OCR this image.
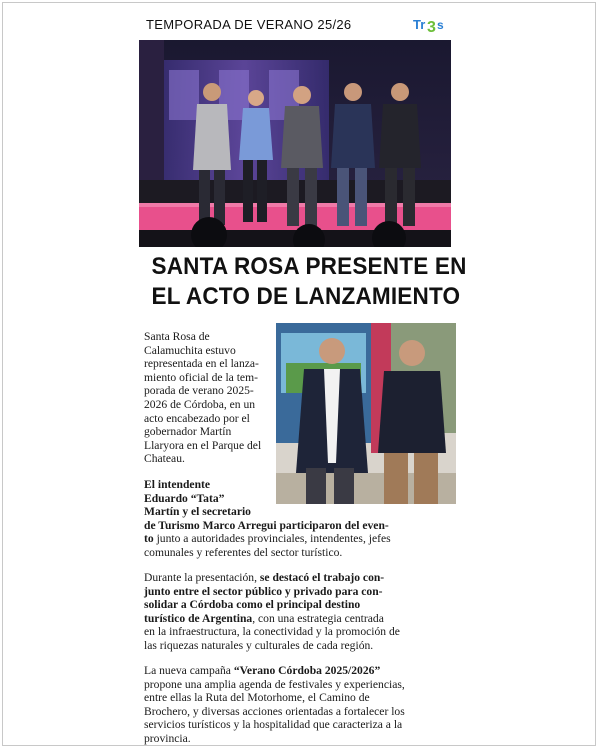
TEMPORADA DE VERANO 25/26	Tr 3 s
SANTA ROSA PRESENTE EN
EL ACTO DE LANZAMIENTO
Santa Rosa de
Calamuchita estuvo
representada en el lanza-
miento oficial de la tem-
porada de verano 2025-
2026 de Córdoba, en un
acto encabezado por el
gobernador Martín
Llaryora en el Parque del
Chateau.
El intendente
Eduardo “Tata”
Martín y el secretario
de Turismo Marco Arregui participaron del even-
to junto a autoridades provinciales, intendentes, jefes
comunales y referentes del sector turístico.
Durante la presentación, se destacó el trabajo con-
junto entre el sector público y privado para con-
solidar a Córdoba como el principal destino
turístico de Argentina, con una estrategia centrada
en la infraestructura, la conectividad y la promoción de
las riquezas naturales y culturales de cada región.
La nueva campaña “Verano Córdoba 2025/2026”
propone una amplia agenda de festivales y experiencias,
entre ellas la Ruta del Motorhome, el Camino de
Brochero, y diversas acciones orientadas a fortalecer los
servicios turísticos y la hospitalidad que caracteriza a la
provincia.
